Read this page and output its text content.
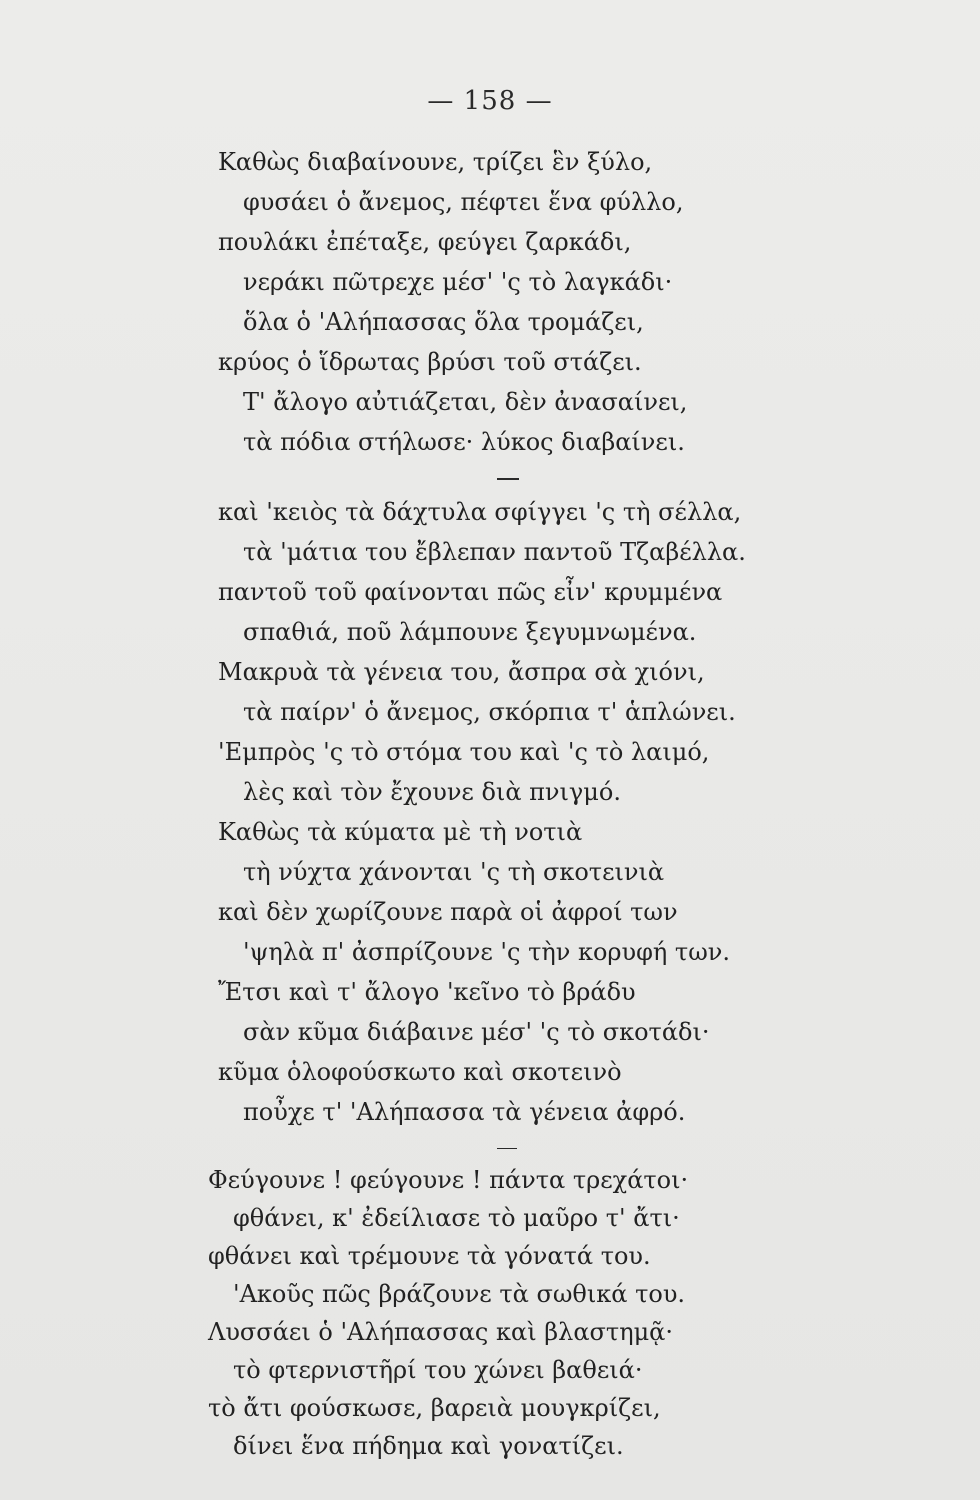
— 158 —
Καθὼς διαβαίνουνε, τρίζει ἓν ξύλο,
φυσάει ὁ ἄνεμος, πέφτει ἕνα φύλλο,
πουλάκι ἐπέταξε, φεύγει ζαρκάδι,
νεράκι πῶτρεχε μέσ' 'ς τὸ λαγκάδι·
ὅλα ὁ 'Αλήπασσας ὅλα τρομάζει,
κρύος ὁ ἵδρωτας βρύσι τοῦ στάζει.
Τ' ἄλογο αὐτιάζεται, δὲν ἀνασαίνει,
τὰ πόδια στήλωσε· λύκος διαβαίνει.
καὶ 'κειὸς τὰ δάχτυλα σφίγγει 'ς τὴ σέλλα,
τὰ 'μάτια του ἔβλεπαν παντοῦ Τζαβέλλα.
παντοῦ τοῦ φαίνονται πῶς εἶν' κρυμμένα
σπαθιά, ποῦ λάμπουνε ξεγυμνωμένα.
Μακρυὰ τὰ γένεια του, ἄσπρα σὰ χιόνι,
τὰ παίρν' ὁ ἄνεμος, σκόρπια τ' ἁπλώνει.
'Εμπρὸς 'ς τὸ στόμα του καὶ 'ς τὸ λαιμό,
λὲς καὶ τὸν ἔχουνε διὰ πνιγμό.
Καθὼς τὰ κύματα μὲ τὴ νοτιὰ
τὴ νύχτα χάνονται 'ς τὴ σκοτεινιὰ
καὶ δὲν χωρίζουνε παρὰ οἱ ἀφροί των
'ψηλὰ π' ἀσπρίζουνε 'ς τὴν κορυφή των.
Ἔτσι καὶ τ' ἄλογο 'κεῖνο τὸ βράδυ
σὰν κῦμα διάβαινε μέσ' 'ς τὸ σκοτάδι·
κῦμα ὁλοφούσκωτο καὶ σκοτεινὸ
ποὖχε τ' 'Αλήπασσα τὰ γένεια ἀφρό.
Φεύγουνε ! φεύγουνε ! πάντα τρεχάτοι·
φθάνει, κ' ἐδείλιασε τὸ μαῦρο τ' ἄτι·
φθάνει καὶ τρέμουνε τὰ γόνατά του.
'Ακοῦς πῶς βράζουνε τὰ σωθικά του.
Λυσσάει ὁ 'Αλήπασσας καὶ βλαστημᾷ·
τὸ φτερνιστῆρί του χώνει βαθειά·
τὸ ἄτι φούσκωσε, βαρειὰ μουγκρίζει,
δίνει ἕνα πήδημα καὶ γονατίζει.
